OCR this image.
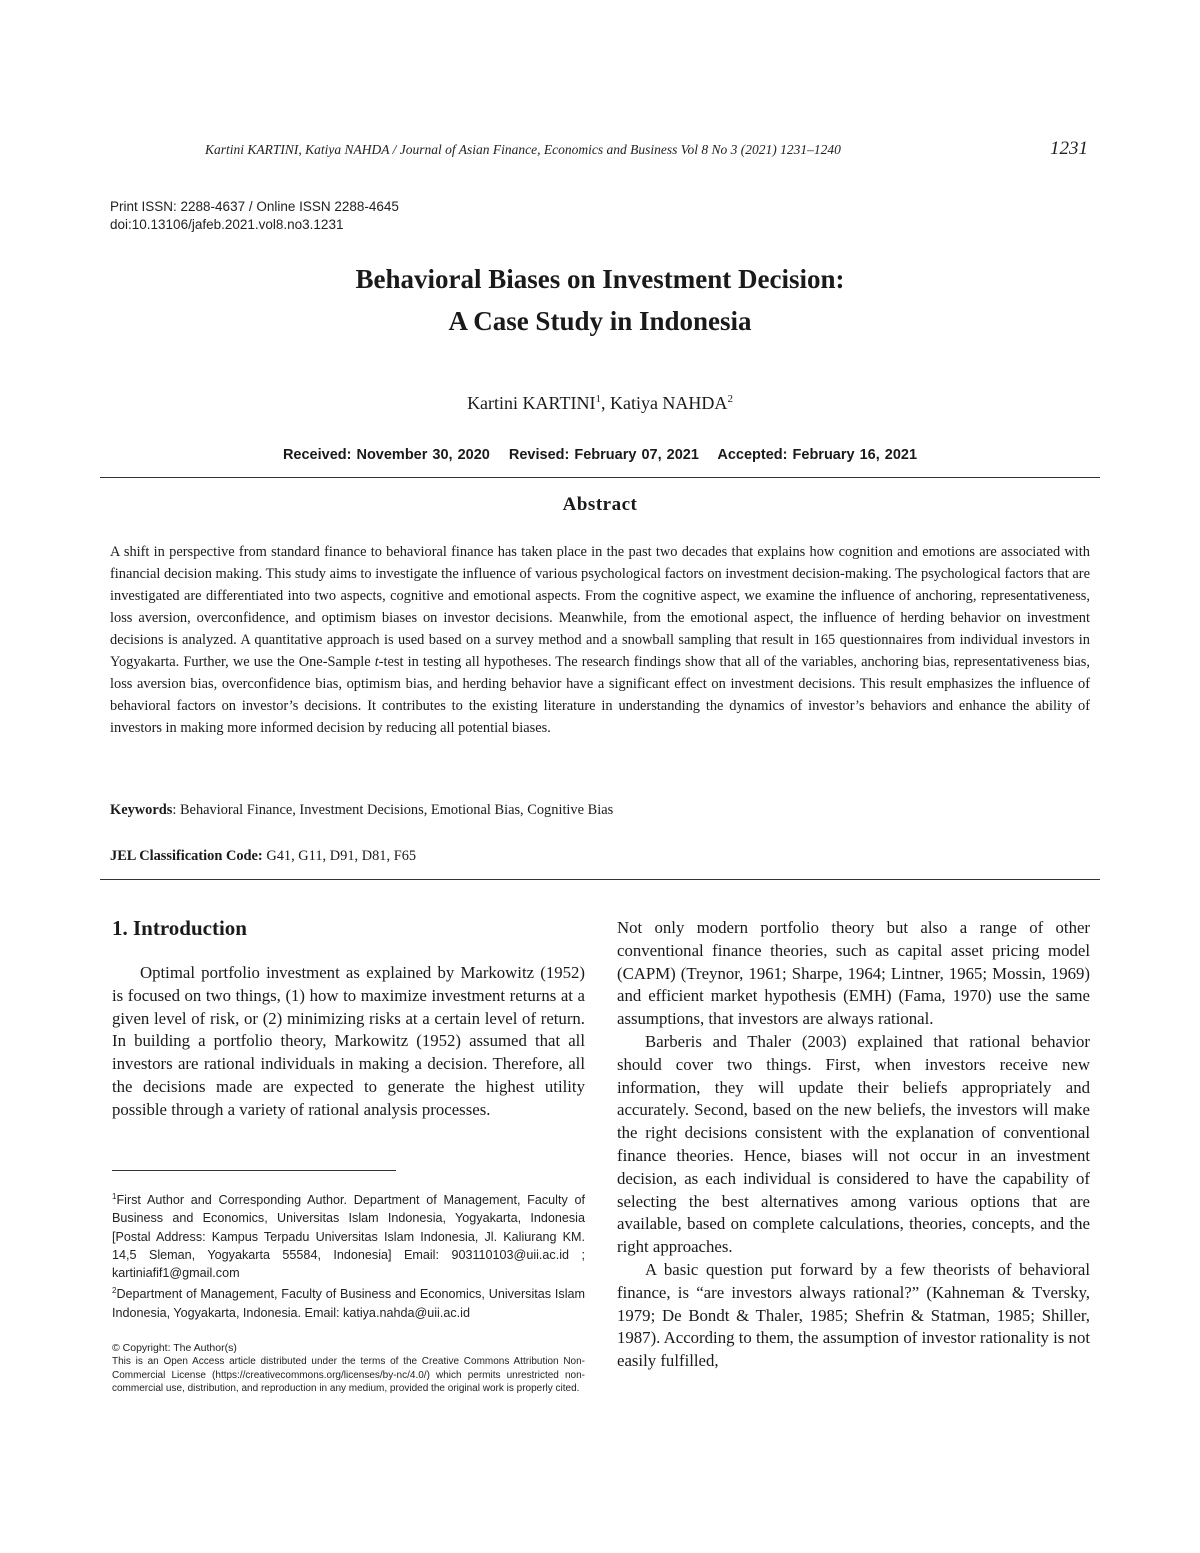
Kartini KARTINI, Katiya NAHDA / Journal of Asian Finance, Economics and Business Vol 8 No 3 (2021) 1231–1240	1231
Print ISSN: 2288-4637 / Online ISSN 2288-4645
doi:10.13106/jafeb.2021.vol8.no3.1231
Behavioral Biases on Investment Decision:
A Case Study in Indonesia
Kartini KARTINI$^1$, Katiya NAHDA$^2$
Received: November 30, 2020 Revised: February 07, 2021 Accepted: February 16, 2021
Abstract
A shift in perspective from standard finance to behavioral finance has taken place in the past two decades that explains how cognition and emotions are associated with financial decision making. This study aims to investigate the influence of various psychological factors on investment decision-making. The psychological factors that are investigated are differentiated into two aspects, cognitive and emotional aspects. From the cognitive aspect, we examine the influence of anchoring, representativeness, loss aversion, overconfidence, and optimism biases on investor decisions. Meanwhile, from the emotional aspect, the influence of herding behavior on investment decisions is analyzed. A quantitative approach is used based on a survey method and a snowball sampling that result in 165 questionnaires from individual investors in Yogyakarta. Further, we use the One-Sample t-test in testing all hypotheses. The research findings show that all of the variables, anchoring bias, representativeness bias, loss aversion bias, overconfidence bias, optimism bias, and herding behavior have a significant effect on investment decisions. This result emphasizes the influence of behavioral factors on investor’s decisions. It contributes to the existing literature in understanding the dynamics of investor’s behaviors and enhance the ability of investors in making more informed decision by reducing all potential biases.
Keywords: Behavioral Finance, Investment Decisions, Emotional Bias, Cognitive Bias
JEL Classification Code: G41, G11, D91, D81, F65
1. Introduction

Optimal portfolio investment as explained by Markowitz (1952) is focused on two things, (1) how to maximize investment returns at a given level of risk, or (2) minimizing risks at a certain level of return. In building a portfolio theory, Markowitz (1952) assumed that all investors are rational individuals in making a decision. Therefore, all the decisions made are expected to generate the highest utility possible through a variety of rational analysis processes.

$^1$First Author and Corresponding Author. Department of Management, Faculty of Business and Economics, Universitas Islam Indonesia, Yogyakarta, Indonesia [Postal Address: Kampus Terpadu Universitas Islam Indonesia, Jl. Kaliurang KM. 14,5 Sleman, Yogyakarta 55584, Indonesia] Email: 903110103@uii.ac.id ; kartiniafif1@gmail.com

$^2$Department of Management, Faculty of Business and Economics, Universitas Islam Indonesia, Yogyakarta, Indonesia. Email: katiya.nahda@uii.ac.id

© Copyright: The Author(s)

This is an Open Access article distributed under the terms of the Creative Commons Attribution Non-Commercial License (https://creativecommons.org/licenses/by-nc/4.0/) which permits unrestricted non-commercial use, distribution, and reproduction in any medium, provided the original work is properly cited.

Not only modern portfolio theory but also a range of other conventional finance theories, such as capital asset pricing model (CAPM) (Treynor, 1961; Sharpe, 1964; Lintner, 1965; Mossin, 1969) and efficient market hypothesis (EMH) (Fama, 1970) use the same assumptions, that investors are always rational.

Barberis and Thaler (2003) explained that rational behavior should cover two things. First, when investors receive new information, they will update their beliefs appropriately and accurately. Second, based on the new beliefs, the investors will make the right decisions consistent with the explanation of conventional finance theories. Hence, biases will not occur in an investment decision, as each individual is considered to have the capability of selecting the best alternatives among various options that are available, based on complete calculations, theories, concepts, and the right approaches.

A basic question put forward by a few theorists of behavioral finance, is “are investors always rational?” (Kahneman & Tversky, 1979; De Bondt & Thaler, 1985; Shefrin & Statman, 1985; Shiller, 1987). According to them, the assumption of investor rationality is not easily fulfilled,
